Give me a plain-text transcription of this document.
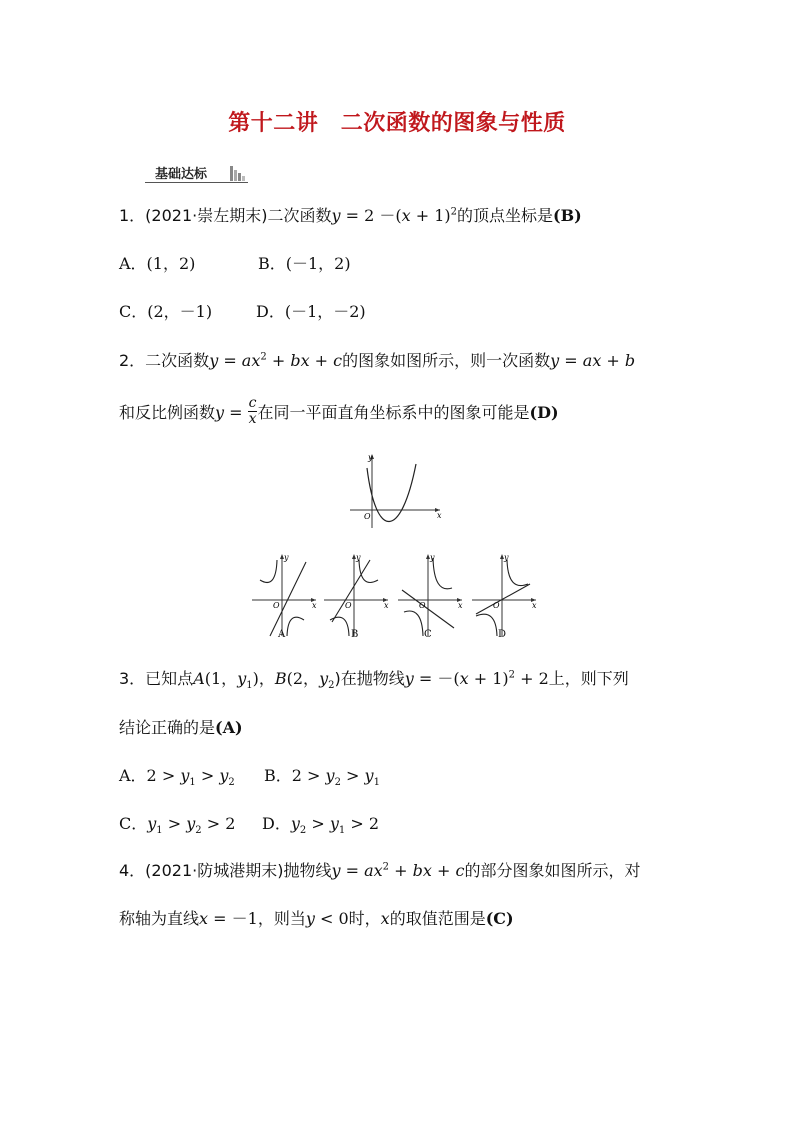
第十二讲　二次函数的图象与性质
基础达标
1．(2021·崇左期末)二次函数$y = 2 -(x + 1)^2$的顶点坐标是(B)
A．(1，2)	B．(－1，2)
C．(2，－1)	D．(－1，－2)
2．二次函数$y = ax^2$ + bx + c的图象如图所示，则一次函数y = ax + b
和反比例函数$y = \frac{c}{x}$ 在同一平面直角坐标系中的图象可能是(D)
y
x
O
y
x
O
A
y
x
O
B
y
x
O
C
y
x
O
D
3．已知点A(1，$y_1$)，B(2，$y_2$)在抛物线$y = -(x + 1)^2 + 2$上，则下列
结论正确的是(A)
A．$2 > y_1 > y_2$ B．$2 > y_2 > y_1$
C．$y_1 > y_2 > 2$ D．$y_2 > y_1 > 2$
4．(2021·防城港期末)抛物线$y = ax^2$ + bx + c的部分图象如图所示，对
称轴为直线x = －1，则当y < 0时，x的取值范围是(C)
